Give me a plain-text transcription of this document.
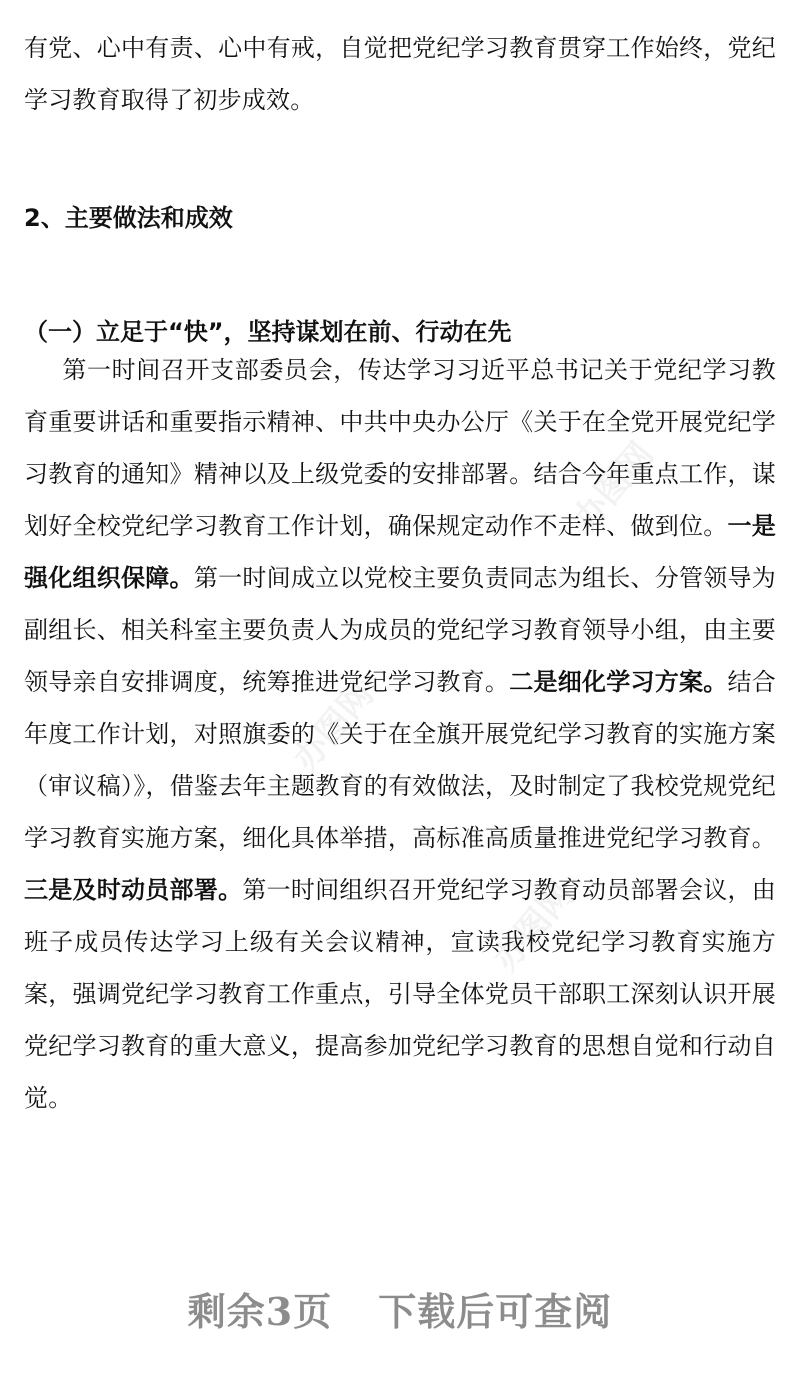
办图网
办图网
办图网

有党、心中有责、心中有戒，自觉把党纪学习教育贯穿工作始终，党纪学习教育取得了初步成效。

2、主要做法和成效
（一）立足于“快”，坚持谋划在前、行动在先

第一时间召开支部委员会，传达学习习近平总书记关于党纪学习教育重要讲话和重要指示精神、中共中央办公厅《关于在全党开展党纪学习教育的通知》精神以及上级党委的安排部署。结合今年重点工作，谋划好全校党纪学习教育工作计划，确保规定动作不走样、做到位。一是强化组织保障。第一时间成立以党校主要负责同志为组长、分管领导为副组长、相关科室主要负责人为成员的党纪学习教育领导小组，由主要领导亲自安排调度，统筹推进党纪学习教育。二是细化学习方案。结合年度工作计划，对照旗委的《关于在全旗开展党纪学习教育的实施方案（审议稿）》，借鉴去年主题教育的有效做法，及时制定了我校党规党纪学习教育实施方案，细化具体举措，高标准高质量推进党纪学习教育。三是及时动员部署。第一时间组织召开党纪学习教育动员部署会议，由班子成员传达学习上级有关会议精神，宣读我校党纪学习教育实施方案，强调党纪学习教育工作重点，引导全体党员干部职工深刻认识开展党纪学习教育的重大意义，提高参加党纪学习教育的思想自觉和行动自觉。

剩余3页 下载后可查阅
